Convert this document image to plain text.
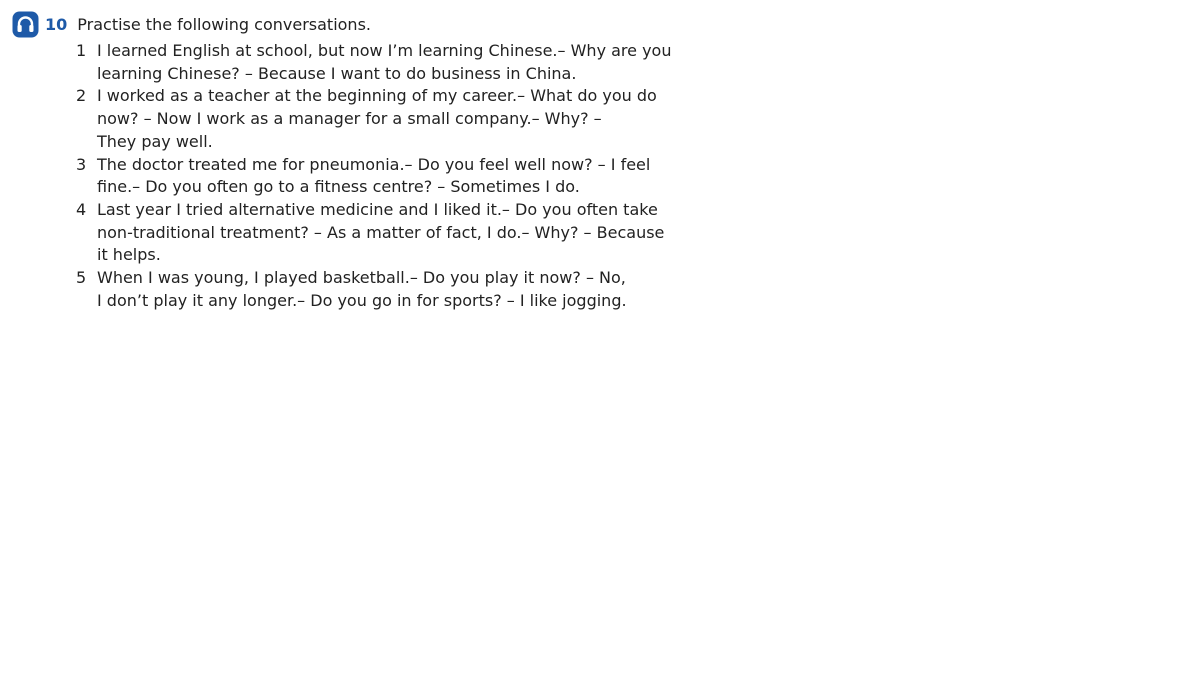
10 Practise the following conversations.
1 I learned English at school, but now I’m learning Chinese.– Why are you
learning Chinese? – Because I want to do business in China.
2 I worked as a teacher at the beginning of my career.– What do you do
now? – Now I work as a manager for a small company.– Why? –
They pay well.
3 The doctor treated me for pneumonia.– Do you feel well now? – I feel
fine.– Do you often go to a fitness centre? – Sometimes I do.
4 Last year I tried alternative medicine and I liked it.– Do you often take
non-traditional treatment? – As a matter of fact, I do.– Why? – Because
it helps.
5 When I was young, I played basketball.– Do you play it now? – No,
I don’t play it any longer.– Do you go in for sports? – I like jogging.
